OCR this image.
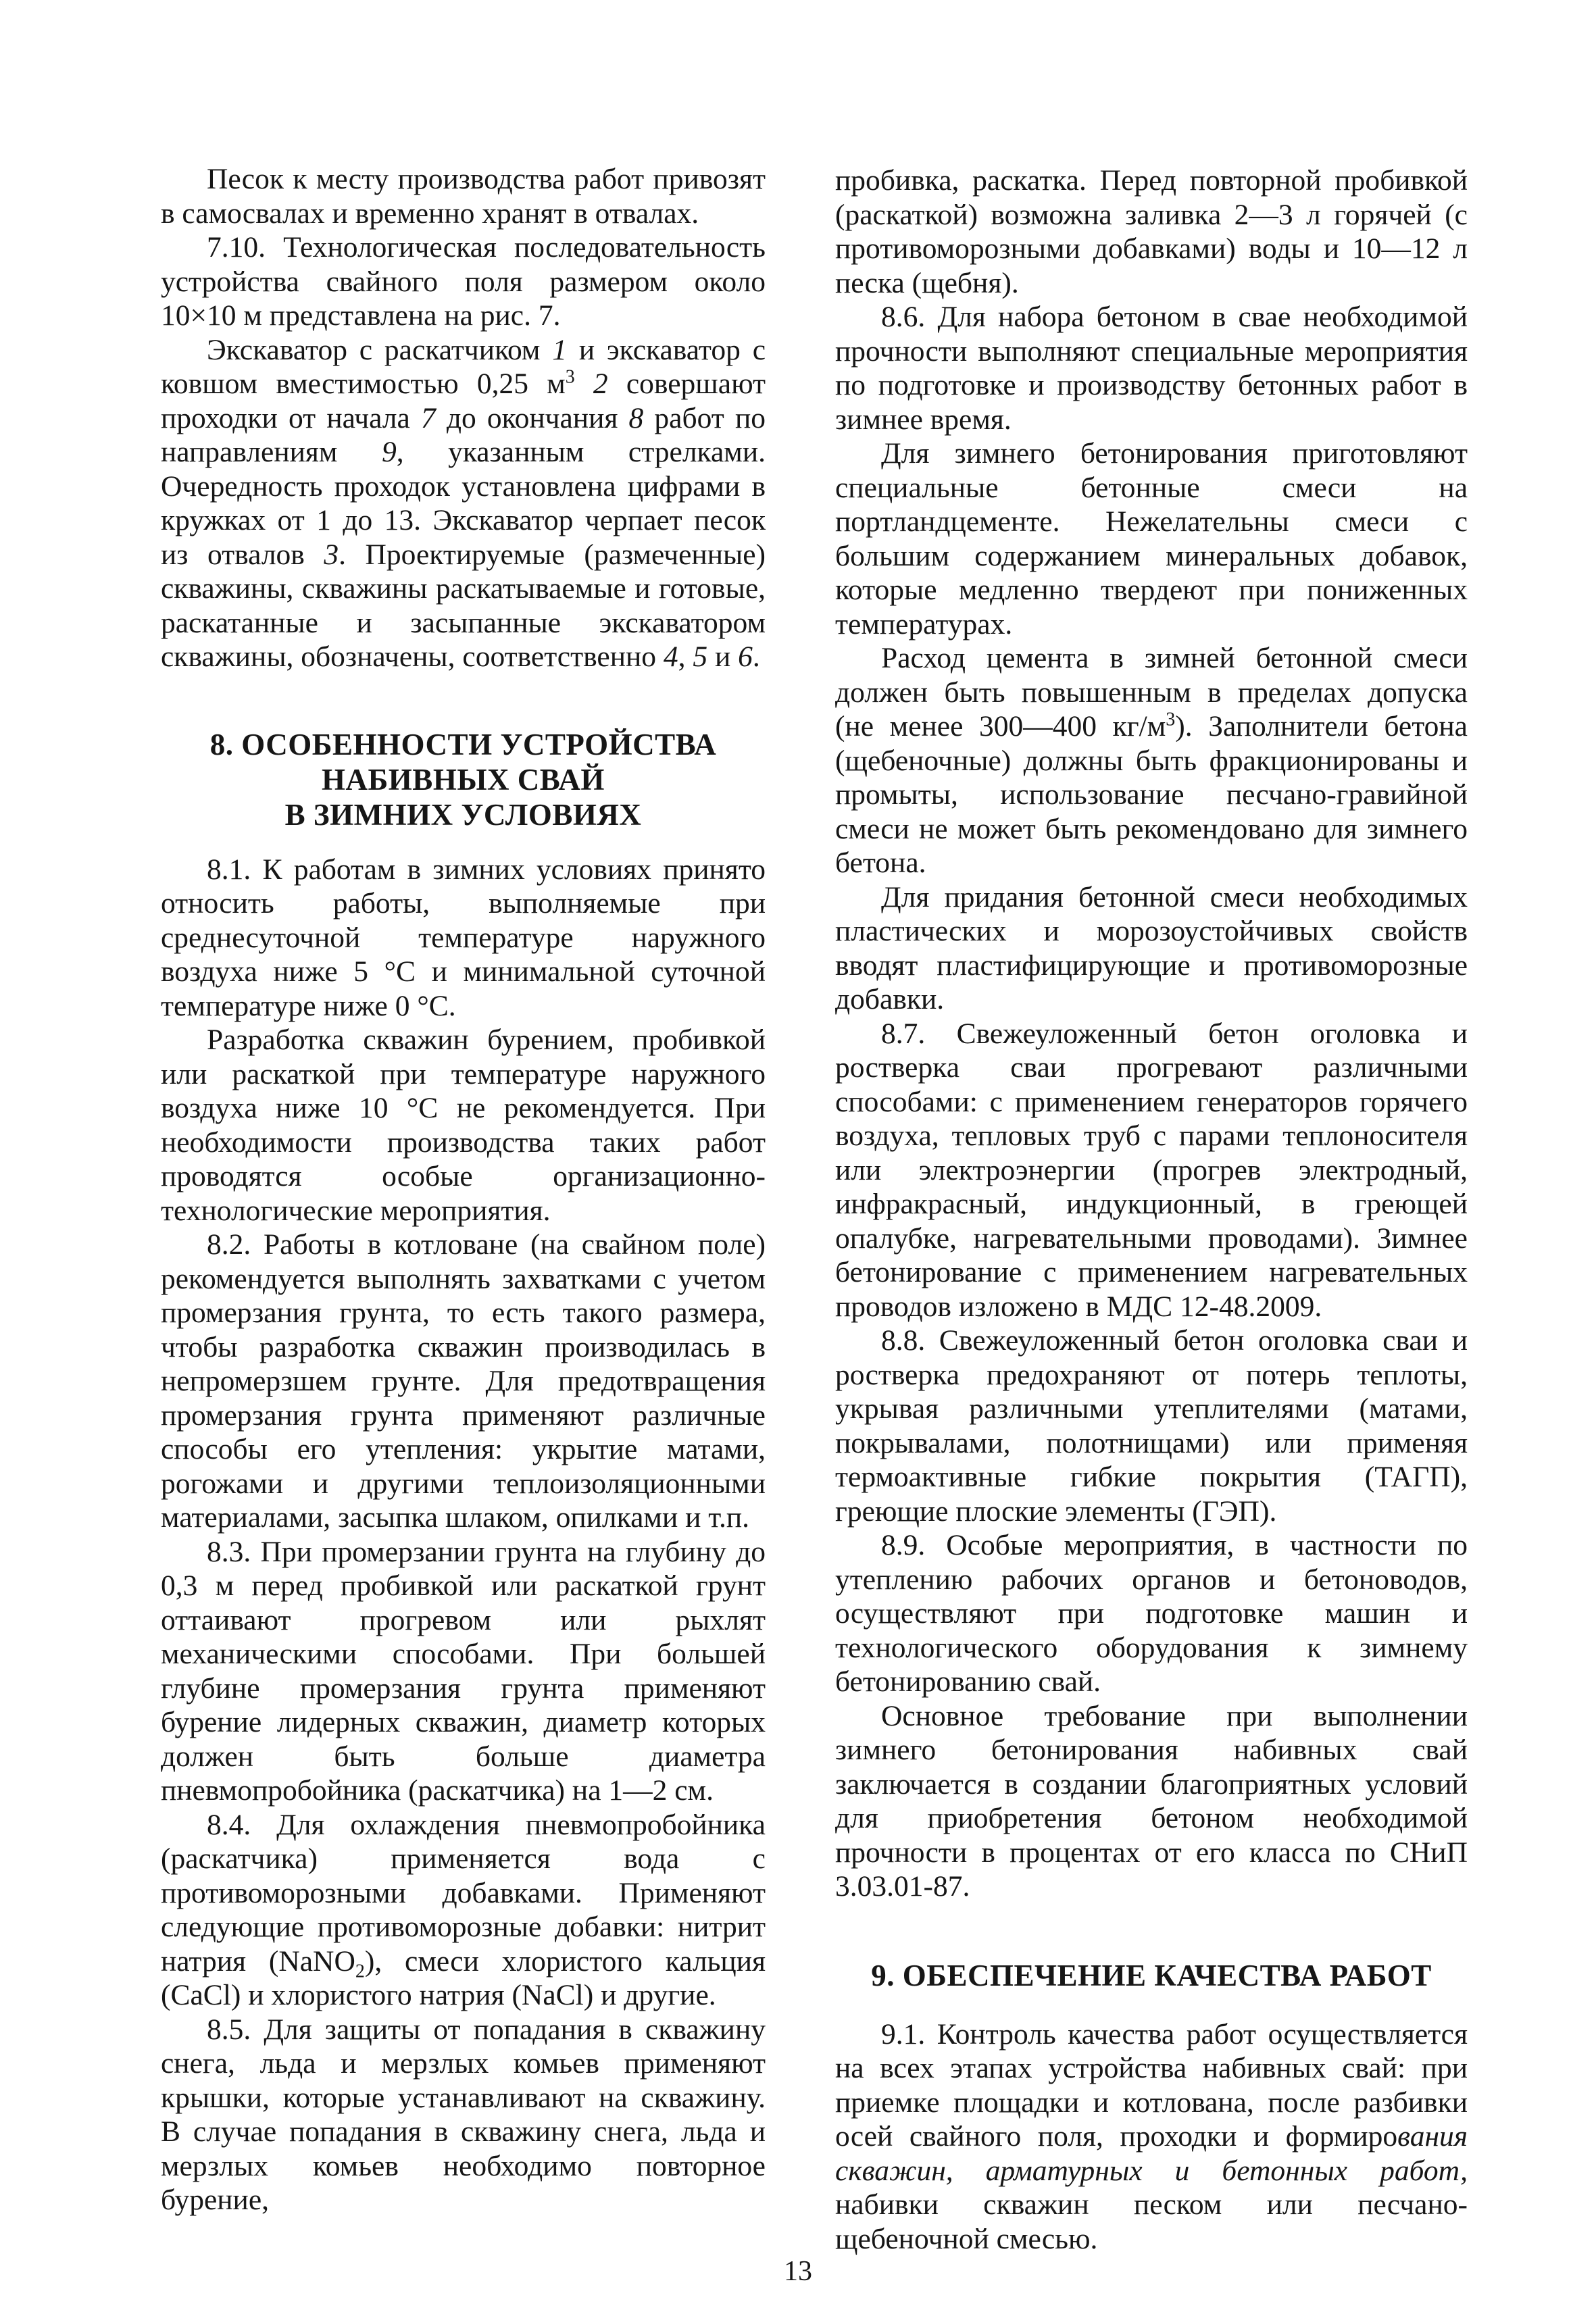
Песок к месту производства работ привозят в самосвалах и временно хранят в отвалах.

7.10. Технологическая последовательность устройства свайного поля размером около 10×10 м представлена на рис. 7.

Экскаватор с раскатчиком 1 и экскаватор с ковшом вместимостью 0,25 $м^3$ 2 совершают проходки от начала 7 до окончания 8 работ по направлениям 9, указанным стрелками. Очередность проходок установлена цифрами в кружках от 1 до 13. Экскаватор черпает песок из отвалов 3. Проектируемые (размеченные) скважины, скважины раскатываемые и готовые, раскатанные и засыпанные экскаватором скважины, обозначены, соответственно 4, 5 и 6.

8. ОСОБЕННОСТИ УСТРОЙСТВА
НАБИВНЫХ СВАЙ
В ЗИМНИХ УСЛОВИЯХ

8.1. К работам в зимних условиях принято относить работы, выполняемые при среднесуточной температуре наружного воздуха ниже 5 °С и минимальной суточной температуре ниже 0 °С.

Разработка скважин бурением, пробивкой или раскаткой при температуре наружного воздуха ниже 10 °С не рекомендуется. При необходимости производства таких работ проводятся особые организационно-технологические мероприятия.

8.2. Работы в котловане (на свайном поле) рекомендуется выполнять захватками с учетом промерзания грунта, то есть такого размера, чтобы разработка скважин производилась в непромерзшем грунте. Для предотвращения промерзания грунта применяют различные способы его утепления: укрытие матами, рогожами и другими теплоизоляционными материалами, засыпка шлаком, опилками и т.п.

8.3. При промерзании грунта на глубину до 0,3 м перед пробивкой или раскаткой грунт оттаивают прогревом или рыхлят механическими способами. При большей глубине промерзания грунта применяют бурение лидерных скважин, диаметр которых должен быть больше диаметра пневмопробойника (раскатчика) на 1—2 см.

8.4. Для охлаждения пневмопробойника (раскатчика) применяется вода с противоморозными добавками. Применяют следующие противоморозные добавки: нитрит натрия (NaNO$_2$), смеси хлористого кальция (CaCl) и хлористого натрия (NaCl) и другие.

8.5. Для защиты от попадания в скважину снега, льда и мерзлых комьев применяют крышки, которые устанавливают на скважину. В случае попадания в скважину снега, льда и мерзлых комьев необходимо повторное бурение,

пробивка, раскатка. Перед повторной пробивкой (раскаткой) возможна заливка 2—3 л горячей (с противоморозными добавками) воды и 10—12 л песка (щебня).

8.6. Для набора бетоном в свае необходимой прочности выполняют специальные мероприятия по подготовке и производству бетонных работ в зимнее время.

Для зимнего бетонирования приготовляют специальные бетонные смеси на портландцементе. Нежелательны смеси с большим содержанием минеральных добавок, которые медленно твердеют при пониженных температурах.

Расход цемента в зимней бетонной смеси должен быть повышенным в пределах допуска (не менее 300—400 $кг/м^3$). Заполнители бетона (щебеночные) должны быть фракционированы и промыты, использование песчано-гравийной смеси не может быть рекомендовано для зимнего бетона.

Для придания бетонной смеси необходимых пластических и морозоустойчивых свойств вводят пластифицирующие и противоморозные добавки.

8.7. Свежеуложенный бетон оголовка и ростверка сваи прогревают различными способами: с применением генераторов горячего воздуха, тепловых труб с парами теплоносителя или электроэнергии (прогрев электродный, инфракрасный, индукционный, в греющей опалубке, нагревательными проводами). Зимнее бетонирование с применением нагревательных проводов изложено в МДС 12-48.2009.

8.8. Свежеуложенный бетон оголовка сваи и ростверка предохраняют от потерь теплоты, укрывая различными утеплителями (матами, покрывалами, полотнищами) или применяя термоактивные гибкие покрытия (ТАГП), греющие плоские элементы (ГЭП).

8.9. Особые мероприятия, в частности по утеплению рабочих органов и бетоноводов, осуществляют при подготовке машин и технологического оборудования к зимнему бетонированию свай.

Основное требование при выполнении зимнего бетонирования набивных свай заключается в создании благоприятных условий для приобретения бетоном необходимой прочности в процентах от его класса по СНиП 3.03.01-87.

9. ОБЕСПЕЧЕНИЕ КАЧЕСТВА РАБОТ

9.1. Контроль качества работ осуществляется на всех этапах устройства набивных свай: при приемке площадки и котлована, после разбивки осей свайного поля, проходки и формирования скважин, арматурных и бетонных работ, набивки скважин песком или песчано-щебеночной смесью.

13
